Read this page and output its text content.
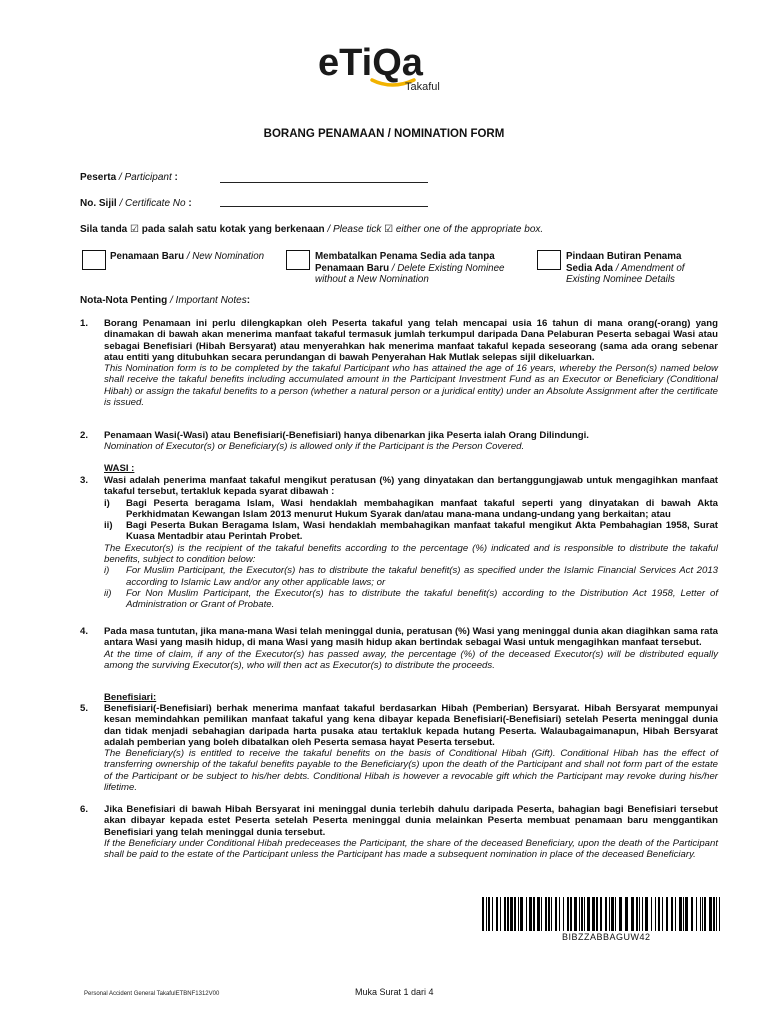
eTiQa
Takaful
BORANG PENAMAAN / NOMINATION FORM
Peserta / Participant :
No. Sijil / Certificate No :
Sila tanda ☑ pada salah satu kotak yang berkenaan / Please tick ☑ either one of the appropriate box.
Penamaan Baru / New Nomination	Membatalkan Penama Sedia ada tanpa Penamaan Baru / Delete Existing Nominee without a New Nomination
Pindaan Butiran Penama Sedia Ada / Amendment of Existing Nominee Details
Nota-Nota Penting / Important Notes:
1. Borang Penamaan ini perlu dilengkapkan oleh Peserta takaful yang telah mencapai usia 16 tahun di mana orang(-orang) yang dinamakan di bawah akan menerima manfaat takaful termasuk jumlah terkumpul daripada Dana Pelaburan Peserta sebagai Wasi atau sebagai Benefisiari (Hibah Bersyarat) atau menyerahkan hak menerima manfaat takaful kepada seseorang (sama ada orang sebenar atau entiti yang ditubuhkan secara perundangan di bawah Penyerahan Hak Mutlak selepas sijil dikeluarkan.
This Nomination form is to be completed by the takaful Participant who has attained the age of 16 years, whereby the Person(s) named below shall receive the takaful benefits including accumulated amount in the Participant Investment Fund as an Executor or Beneficiary (Conditional Hibah) or assign the takaful benefits to a person (whether a natural person or a juridical entity) under an Absolute Assignment after the certificate is issued.
2. Penamaan Wasi(-Wasi) atau Benefisiari(-Benefisiari) hanya dibenarkan jika Peserta ialah Orang Dilindungi.
Nomination of Executor(s) or Beneficiary(s) is allowed only if the Participant is the Person Covered.
WASI :
3. Wasi adalah penerima manfaat takaful mengikut peratusan (%) yang dinyatakan dan bertanggungjawab untuk mengagihkan manfaat takaful tersebut, tertakluk kepada syarat dibawah :
i)	Bagi Peserta beragama Islam, Wasi hendaklah membahagikan manfaat takaful seperti yang dinyatakan di bawah Akta Perkhidmatan Kewangan Islam 2013 menurut Hukum Syarak dan/atau mana-mana undang-undang yang berkaitan; atau
ii)	Bagi Peserta Bukan Beragama Islam, Wasi hendaklah membahagikan manfaat takaful mengikut Akta Pembahagian 1958, Surat Kuasa Mentadbir atau Perintah Probet.
The Executor(s) is the recipient of the takaful benefits according to the percentage (%) indicated and is responsible to distribute the takaful benefits, subject to condition below:
i)	For Muslim Participant, the Executor(s) has to distribute the takaful benefit(s) as specified under the Islamic Financial Services Act 2013 according to Islamic Law and/or any other applicable laws; or
ii)	For Non Muslim Participant, the Executor(s) has to distribute the takaful benefit(s) according to the Distribution Act 1958, Letter of Administration or Grant of Probate.
4. Pada masa tuntutan, jika mana-mana Wasi telah meninggal dunia, peratusan (%) Wasi yang meninggal dunia akan diagihkan sama rata antara Wasi yang masih hidup, di mana Wasi yang masih hidup akan bertindak sebagai Wasi untuk mengagihkan manfaat tersebut.
At the time of claim, if any of the Executor(s) has passed away, the percentage (%) of the deceased Executor(s) will be distributed equally among the surviving Executor(s), who will then act as Executor(s) to distribute the proceeds.
Benefisiari:
5. Benefisiari(-Benefisiari) berhak menerima manfaat takaful berdasarkan Hibah (Pemberian) Bersyarat. Hibah Bersyarat mempunyai kesan memindahkan pemilikan manfaat takaful yang kena dibayar kepada Benefisiari(-Benefisiari) setelah Peserta meninggal dunia dan tidak menjadi sebahagian daripada harta pusaka atau tertakluk kepada hutang Peserta. Walaubagaimanapun, Hibah Bersyarat adalah pemberian yang boleh dibatalkan oleh Peserta semasa hayat Peserta tersebut.
The Beneficiary(s) is entitled to receive the takaful benefits on the basis of Conditional Hibah (Gift). Conditional Hibah has the effect of transferring ownership of the takaful benefits payable to the Beneficiary(s) upon the death of the Participant and shall not form part of the estate of the Participant or be subject to his/her debts. Conditional Hibah is however a revocable gift which the Participant may revoke during his/her lifetime.
6. Jika Benefisiari di bawah Hibah Bersyarat ini meninggal dunia terlebih dahulu daripada Peserta, bahagian bagi Benefisiari tersebut akan dibayar kepada estet Peserta setelah Peserta meninggal dunia melainkan Peserta membuat penamaan baru menggantikan Benefisiari yang telah meninggal dunia tersebut.
If the Beneficiary under Conditional Hibah predeceases the Participant, the share of the deceased Beneficiary, upon the death of the Participant shall be paid to the estate of the Participant unless the Participant has made a subsequent nomination in place of the deceased Beneficiary.
BIBZZABBAGUW42
Personal Accident General TakafulETBNF1312V00	Muka Surat 1 dari 4
